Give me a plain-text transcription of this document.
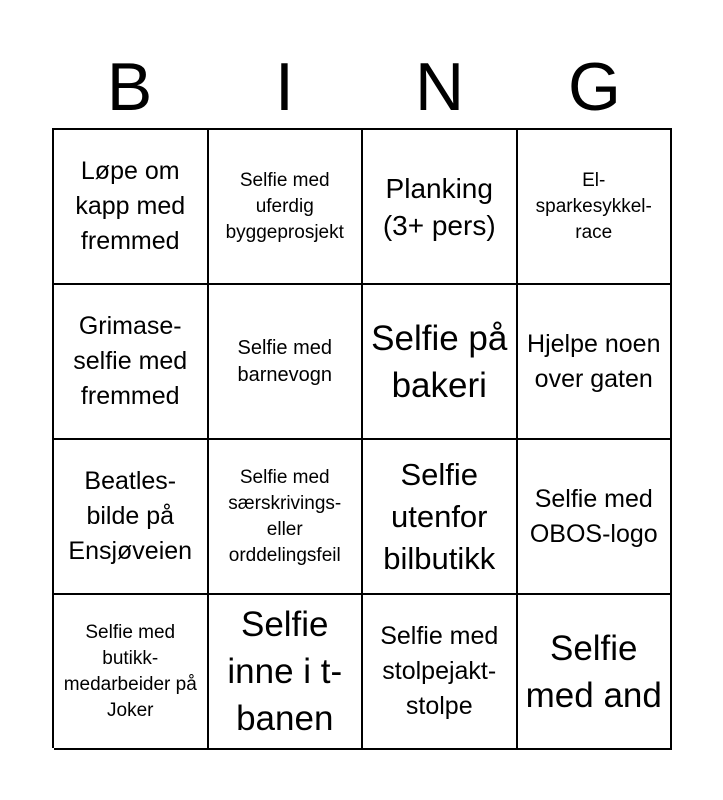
B	I	N	G
Løpe om kapp med fremmed
Selfie med uferdig byggeprosjekt
Planking (3+ pers)
El-sparkesykkel-race
Grimase-selfie med fremmed
Selfie med barnevogn
Selfie på bakeri
Hjelpe noen over gaten
Beatles-bilde på Ensjøveien
Selfie med særskrivings- eller orddelingsfeil
Selfie utenfor bilbutikk
Selfie med OBOS-logo
Selfie med butikk-medarbeider på Joker
Selfie inne i t-banen
Selfie med stolpejakt-stolpe
Selfie med and
